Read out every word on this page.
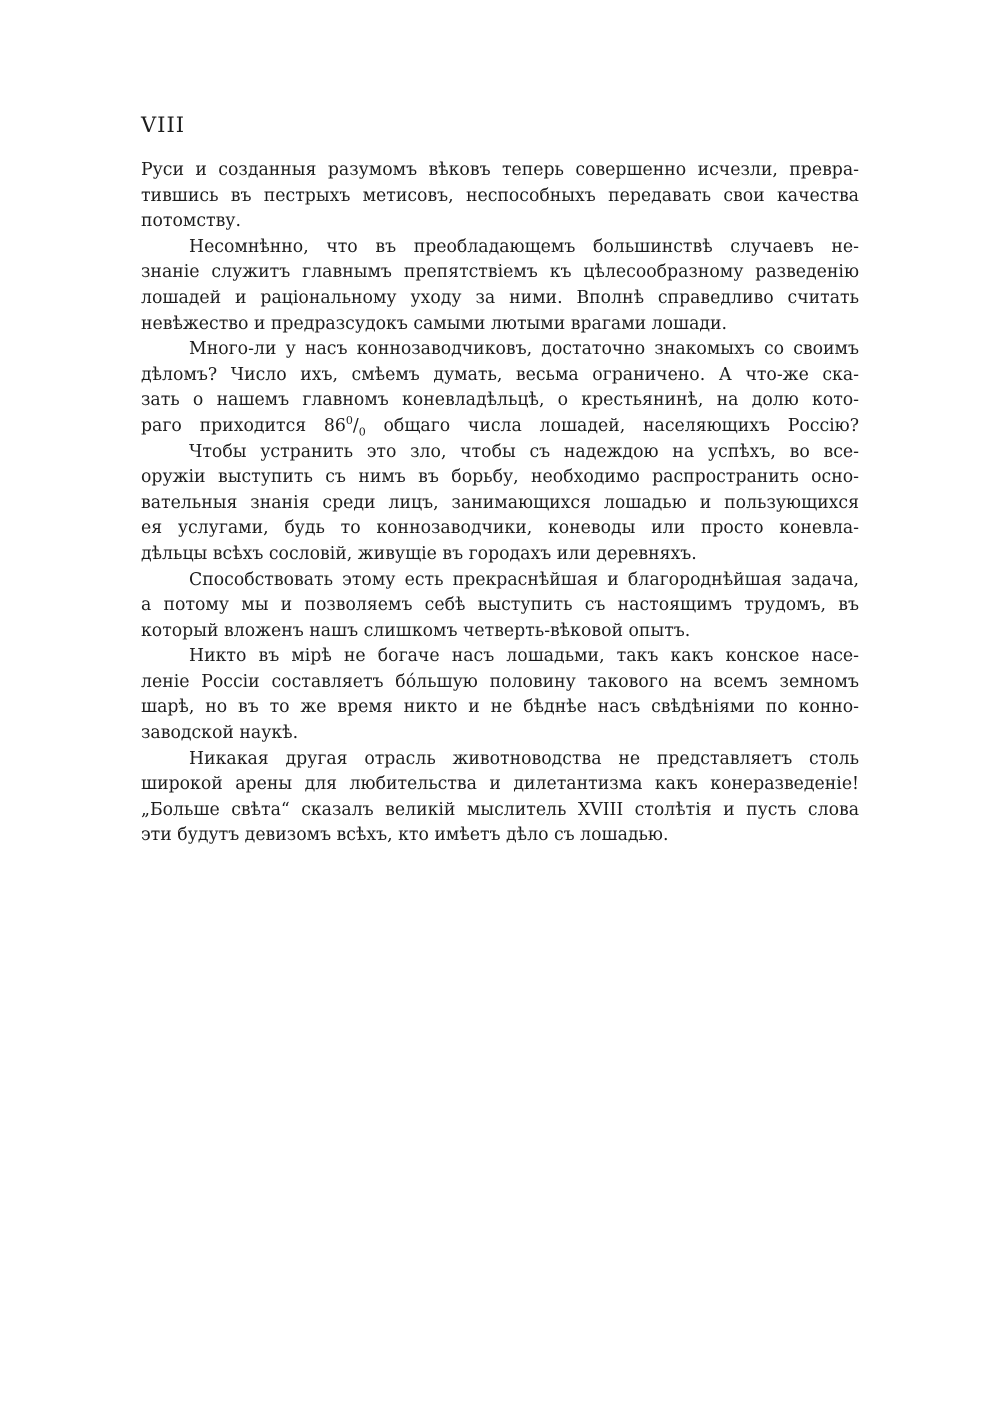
VIII
Руси и созданныя разумомъ вѣковъ теперь совершенно исчезли, превра-
тившись въ пестрыхъ метисовъ, неспособныхъ передавать свои качества
потомству.
Несомнѣнно, что въ преобладающемъ большинствѣ случаевъ не-
знаніе служитъ главнымъ препятствіемъ къ цѣлесообразному разведенію
лошадей и раціональному уходу за ними. Вполнѣ справедливо считать
невѣжество и предразсудокъ самыми лютыми врагами лошади.
Много-ли у насъ коннозаводчиковъ, достаточно знакомыхъ со своимъ
дѣломъ? Число ихъ, смѣемъ думать, весьма ограничено. А что-же ска-
зать о нашемъ главномъ коневладѣльцѣ, о крестьянинѣ, на долю кото-
раго приходится $86^0/_0$ общаго числа лошадей, населяющихъ Россію?
Чтобы устранить это зло, чтобы съ надеждою на успѣхъ, во все-
оружіи выступить съ нимъ въ борьбу, необходимо распространить осно-
вательныя знанія среди лицъ, занимающихся лошадью и пользующихся
ея услугами, будь то коннозаводчики, коневоды или просто коневла-
дѣльцы всѣхъ сословій, живущіе въ городахъ или деревняхъ.
Способствовать этому есть прекраснѣйшая и благороднѣйшая задача,
а потому мы и позволяемъ себѣ выступить съ настоящимъ трудомъ, въ
который вложенъ нашъ слишкомъ четверть-вѣковой опытъ.
Никто въ мірѣ не богаче насъ лошадьми, такъ какъ конское насе-
леніе Россіи составляетъ бо́льшую половину такового на всемъ земномъ
шарѣ, но въ то же время никто и не бѣднѣе насъ свѣдѣніями по конно-
заводской наукѣ.
Никакая другая отрасль животноводства не представляетъ столь
широкой арены для любительства и дилетантизма какъ конеразведеніе!
„Больше свѣта“ сказалъ великій мыслитель XVIII столѣтія и пусть слова
эти будутъ девизомъ всѣхъ, кто имѣетъ дѣло съ лошадью.
